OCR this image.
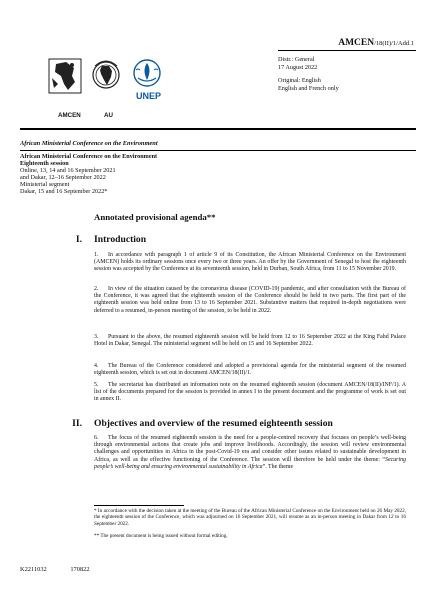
AMCEN/18(II)/1/Add.1
Distr.: General
17 August 2022
Original: English
English and French only
AMCEN	AU
UNEP
African Ministerial Conference on the Environment
African Ministerial Conference on the Environment
Eighteenth session
Online, 13, 14 and 16 September 2021
and Dakar, 12–16 September 2022
Ministerial segment
Dakar, 15 and 16 September 2022*
Annotated provisional agenda**
I. Introduction
1. In accordance with paragraph 1 of article 9 of its Constitution, the African Ministerial Conference on the Environment (AMCEN) holds its ordinary sessions once every two or three years. An offer by the Government of Senegal to host the eighteenth session was accepted by the Conference at its seventeenth session, held in Durban, South Africa, from 11 to 15 November 2019.
2. In view of the situation caused by the coronavirus disease (COVID-19) pandemic, and after consultation with the Bureau of the Conference, it was agreed that the eighteenth session of the Conference should be held in two parts. The first part of the eighteenth session was held online from 13 to 16 September 2021. Substantive matters that required in-depth negotiations were deferred to a resumed, in-person meeting of the session, to be held in 2022.
3. Pursuant to the above, the resumed eighteenth session will be held from 12 to 16 September 2022 at the King Fahd Palace Hotel in Dakar, Senegal. The ministerial segment will be held on 15 and 16 September 2022.
4. The Bureau of the Conference considered and adopted a provisional agenda for the ministerial segment of the resumed eighteenth session, which is set out in document AMCEN/18(II)/1.
5. The secretariat has distributed an information note on the resumed eighteenth session (document AMCEN/18(II)/INF/1). A list of the documents prepared for the session is provided in annex I to the present document and the programme of work is set out in annex II.
II. Objectives and overview of the resumed eighteenth session
6. The focus of the resumed eighteenth session is the need for a people-centred recovery that focuses on people’s well-being through environmental actions that create jobs and improve livelihoods. Accordingly, the session will review environmental challenges and opportunities in Africa in the post-Covid-19 era and consider other issues related to sustainable development in Africa, as well as the effective functioning of the Conference. The session will therefore be held under the theme: “Securing people’s well-being and ensuring environmental sustainability in Africa”. The theme
* In accordance with the decision taken at the meeting of the Bureau of the African Ministerial Conference on the Environment held on 26 May 2022, the eighteenth session of the Conference, which was adjourned on 16 September 2021, will resume as an in-person meeting in Dakar from 12 to 16 September 2022.
** The present document is being issued without formal editing.
K2211032	170822
